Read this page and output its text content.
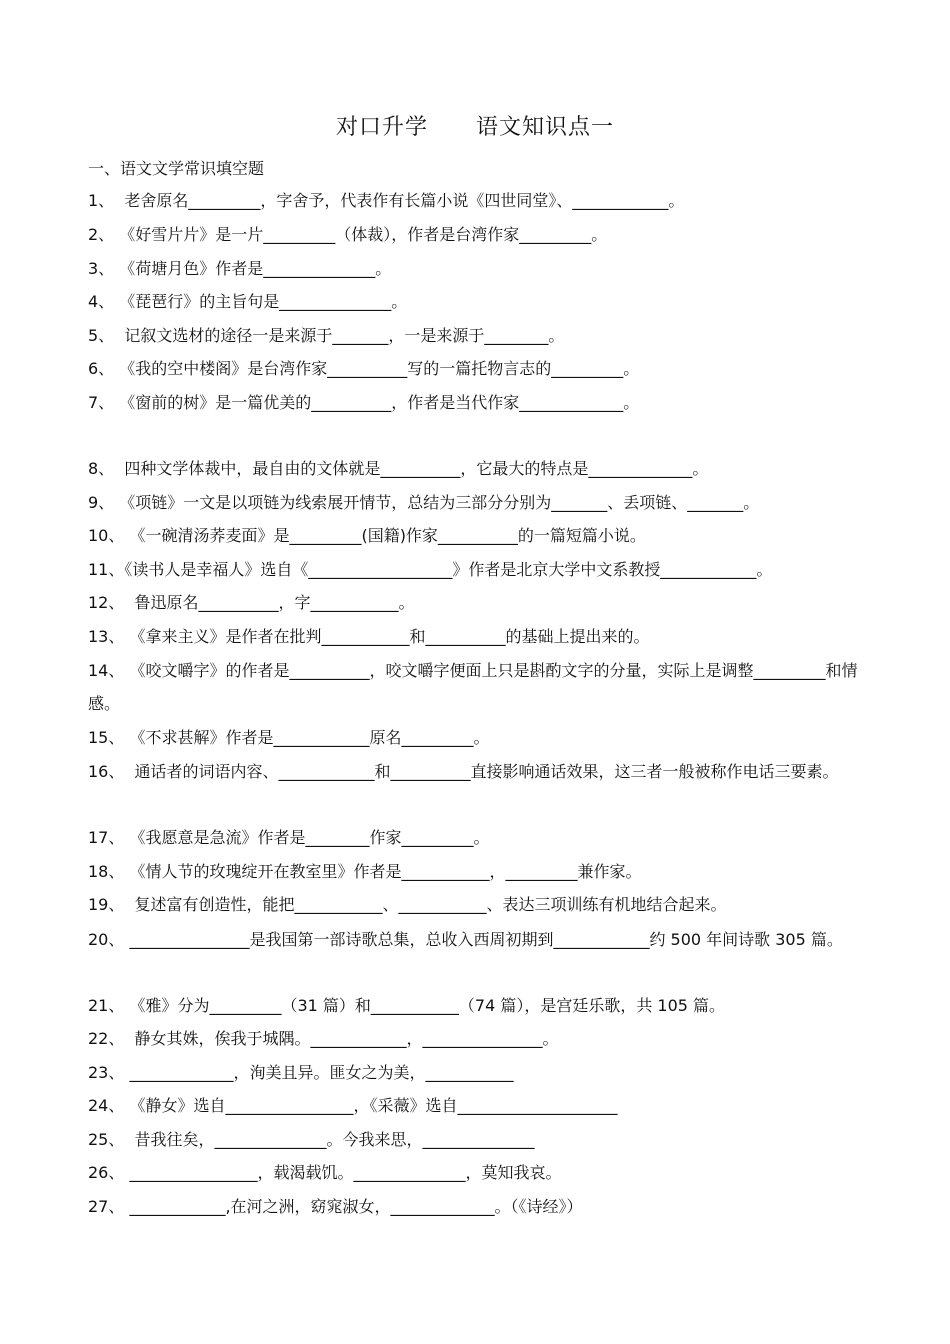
对口升学      语文知识点一
一、语文文学常识填空题
1、  老舍原名_________，字舍予，代表作有长篇小说《四世同堂》、____________。
2、 《好雪片片》是一片_________（体裁），作者是台湾作家_________。
3、 《荷塘月色》作者是______________。
4、 《琵琶行》的主旨句是______________。
5、  记叙文选材的途径一是来源于_______，一是来源于________。
6、 《我的空中楼阁》是台湾作家__________写的一篇托物言志的_________。
7、 《窗前的树》是一篇优美的__________，作者是当代作家_____________。
8、  四种文学体裁中，最自由的文体就是__________，它最大的特点是_____________。
9、 《项链》一文是以项链为线索展开情节，总结为三部分分别为_______、丢项链、_______。
10、 《一碗清汤荞麦面》是_________(国籍)作家__________的一篇短篇小说。
11、《读书人是幸福人》选自《__________________》作者是北京大学中文系教授____________。
12、  鲁迅原名__________，字___________。
13、 《拿来主义》是作者在批判___________和__________的基础上提出来的。
14、 《咬文嚼字》的作者是__________，咬文嚼字便面上只是斟酌文字的分量，实际上是调整_________和情感。
15、 《不求甚解》作者是____________原名_________。
16、  通话者的词语内容、____________和__________直接影响通话效果，这三者一般被称作电话三要素。
17、 《我愿意是急流》作者是________作家_________。
18、 《情人节的玫瑰绽开在教室里》作者是___________，_________兼作家。
19、  复述富有创造性，能把___________、___________、表达三项训练有机地结合起来。
20、 _______________是我国第一部诗歌总集，总收入西周初期到____________约 500 年间诗歌 305 篇。
21、 《雅》分为_________（31 篇）和___________（74 篇），是宫廷乐歌，共 105 篇。
22、  静女其姝，俟我于城隅。____________，_______________。
23、 _____________，洵美且异。匪女之为美，___________
24、 《静女》选自________________，《采薇》选自____________________
25、  昔我往矣，______________。今我来思，______________
26、 ________________，载渴载饥。______________，莫知我哀。
27、 ____________,在河之洲，窈窕淑女，_____________。（《诗经》）
